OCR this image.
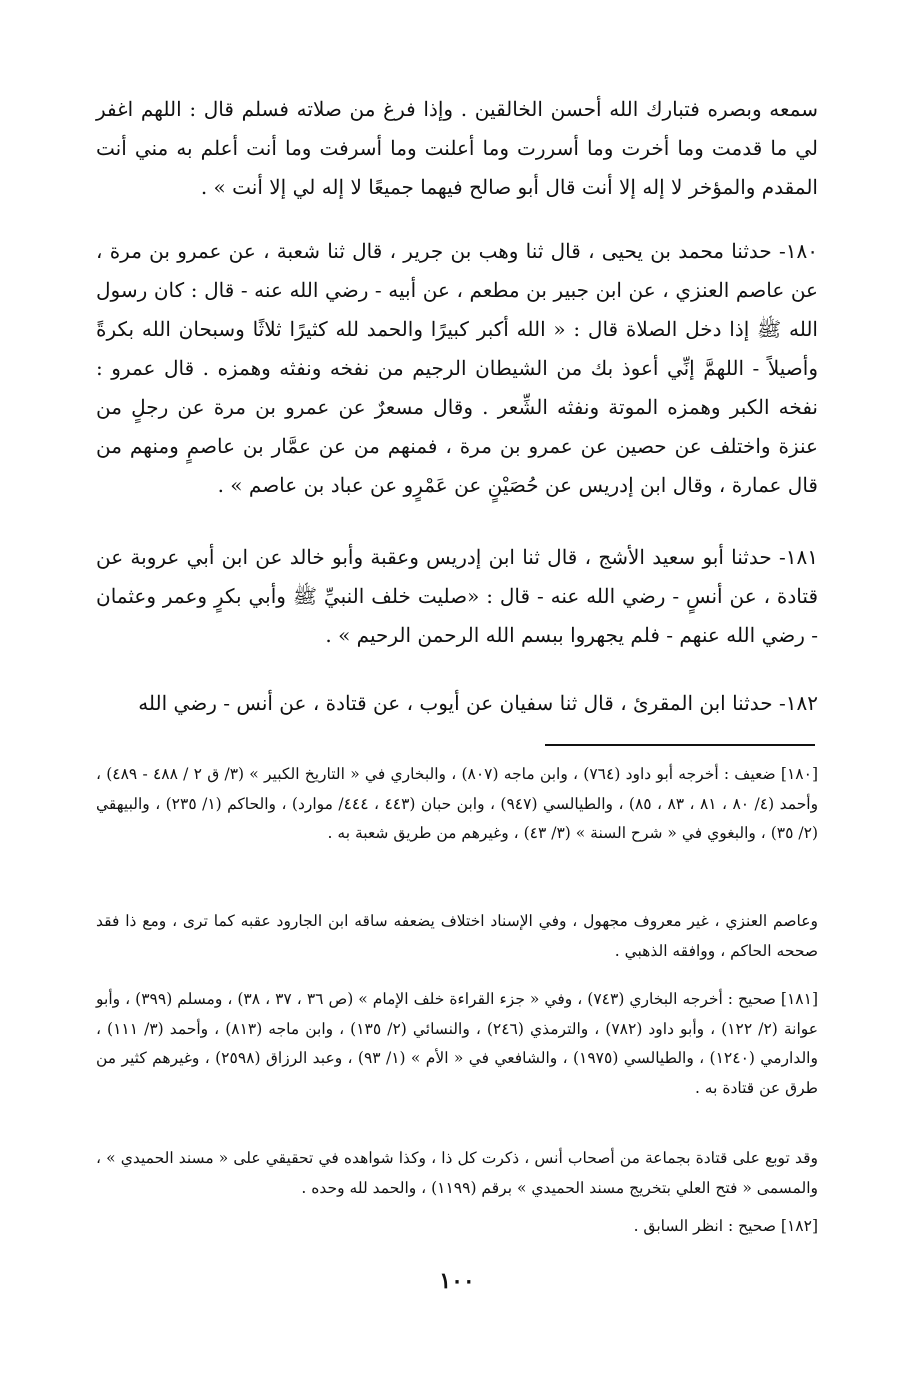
سمعه وبصره فتبارك الله أحسن الخالقين . وإذا فرغ من صلاته فسلم قال : اللهم اغفر لي ما قدمت وما أخرت وما أسررت وما أعلنت وما أسرفت وما أنت أعلم به مني أنت المقدم والمؤخر لا إله إلا أنت قال أبو صالح فيهما جميعًا لا إله لي إلا أنت » .

١٨٠- حدثنا محمد بن يحيى ، قال ثنا وهب بن جرير ، قال ثنا شعبة ، عن عمرو بن مرة ، عن عاصم العنزي ، عن ابن جبير بن مطعم ، عن أبيه - رضي الله عنه - قال : كان رسول الله ﷺ إذا دخل الصلاة قال : « الله أكبر كبيرًا والحمد لله كثيرًا ثلاثًا وسبحان الله بكرةً وأصيلاً - اللهمَّ إنِّي أعوذ بك من الشيطان الرجيم من نفخه ونفثه وهمزه . قال عمرو : نفخه الكبر وهمزه الموتة ونفثه الشِّعر . وقال مسعرٌ عن عمرو بن مرة عن رجلٍ من عنزة واختلف عن حصين عن عمرو بن مرة ، فمنهم من عن عمَّار بن عاصمٍ ومنهم من قال عمارة ، وقال ابن إدريس عن حُصَيْنٍ عن عَمْرٍو عن عباد بن عاصم » .

١٨١- حدثنا أبو سعيد الأشج ، قال ثنا ابن إدريس وعقبة وأبو خالد عن ابن أبي عروبة عن قتادة ، عن أنسٍ - رضي الله عنه - قال : «صليت خلف النبيِّ ﷺ وأبي بكرٍ وعمر وعثمان - رضي الله عنهم - فلم يجهروا ببسم الله الرحمن الرحيم » .

١٨٢- حدثنا ابن المقرئ ، قال ثنا سفيان عن أيوب ، عن قتادة ، عن أنس - رضي الله

[١٨٠] ضعيف : أخرجه أبو داود (٧٦٤) ، وابن ماجه (٨٠٧) ، والبخاري في « التاريخ الكبير » (٣/ ق ٢ / ٤٨٨ - ٤٨٩) ، وأحمد (٤/ ٨٠ ، ٨١ ، ٨٣ ، ٨٥) ، والطيالسي (٩٤٧) ، وابن حبان (٤٤٣ ، ٤٤٤/ موارد) ، والحاكم (١/ ٢٣٥) ، والبيهقي (٢/ ٣٥) ، والبغوي في « شرح السنة » (٣/ ٤٣) ، وغيرهم من طريق شعبة به .

وعاصم العنزي ، غير معروف مجهول ، وفي الإسناد اختلاف يضعفه ساقه ابن الجارود عقبه كما ترى ، ومع ذا فقد صححه الحاكم ، ووافقه الذهبي .

[١٨١] صحيح : أخرجه البخاري (٧٤٣) ، وفي « جزء القراءة خلف الإمام » (ص ٣٦ ، ٣٧ ، ٣٨) ، ومسلم (٣٩٩) ، وأبو عوانة (٢/ ١٢٢) ، وأبو داود (٧٨٢) ، والترمذي (٢٤٦) ، والنسائي (٢/ ١٣٥) ، وابن ماجه (٨١٣) ، وأحمد (٣/ ١١١) ، والدارمي (١٢٤٠) ، والطيالسي (١٩٧٥) ، والشافعي في « الأم » (١/ ٩٣) ، وعبد الرزاق (٢٥٩٨) ، وغيرهم كثير من طرق عن قتادة به .

وقد توبع على قتادة بجماعة من أصحاب أنس ، ذكرت كل ذا ، وكذا شواهده في تحقيقي على « مسند الحميدي » ، والمسمى « فتح العلي بتخريج مسند الحميدي » برقم (١١٩٩) ، والحمد لله وحده .

[١٨٢] صحيح : انظر السابق .

١٠٠
